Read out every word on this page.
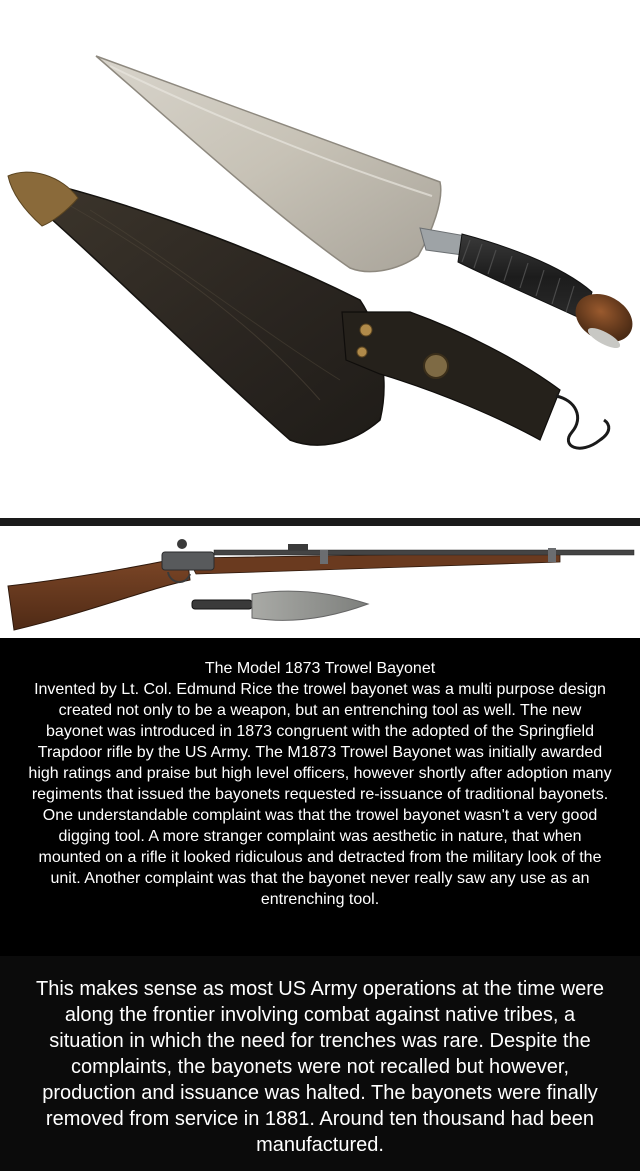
The Model 1873 Trowel Bayonet
Invented by Lt. Col. Edmund Rice the trowel bayonet was a multi purpose design created not only to be a weapon, but an entrenching tool as well. The new bayonet was introduced in 1873 congruent with the adopted of the Springfield Trapdoor rifle by the US Army. The M1873 Trowel Bayonet was initially awarded high ratings and praise but high level officers, however shortly after adoption many regiments that issued the bayonets requested re-issuance of traditional bayonets. One understandable complaint was that the trowel bayonet wasn't a very good digging tool. A more stranger complaint was aesthetic in nature, that when mounted on a rifle it looked ridiculous and detracted from the military look of the unit. Another complaint was that the bayonet never really saw any use as an entrenching tool.
This makes sense as most US Army operations at the time were along the frontier involving combat against native tribes, a situation in which the need for trenches was rare. Despite the complaints, the bayonets were not recalled but however, production and issuance was halted. The bayonets were finally removed from service in 1881. Around ten thousand had been manufactured.
